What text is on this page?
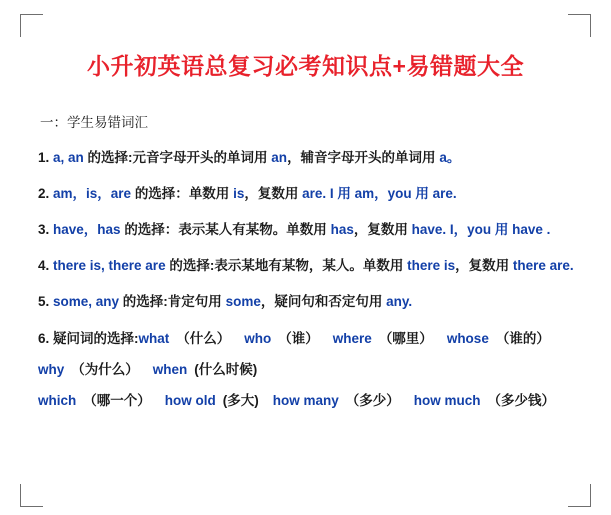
小升初英语总复习必考知识点+易错题大全
一：学生易错词汇
1. a, an 的选择:元音字母开头的单词用 an，辅音字母开头的单词用 a。
2. am，is，are 的选择：单数用 is，复数用 are. I 用 am，you 用 are.
3. have，has 的选择：表示某人有某物。单数用 has，复数用 have. I，you 用 have .
4. there is, there are 的选择:表示某地有某物，某人。单数用 there is，复数用 there are.
5. some, any 的选择:肯定句用 some，疑问句和否定句用 any.
6. 疑问词的选择:what （什么） who （谁） where （哪里） whose （谁的）
why （为什么） when (什么时候)
which （哪一个） how old (多大) how many （多少） how much （多少钱）
